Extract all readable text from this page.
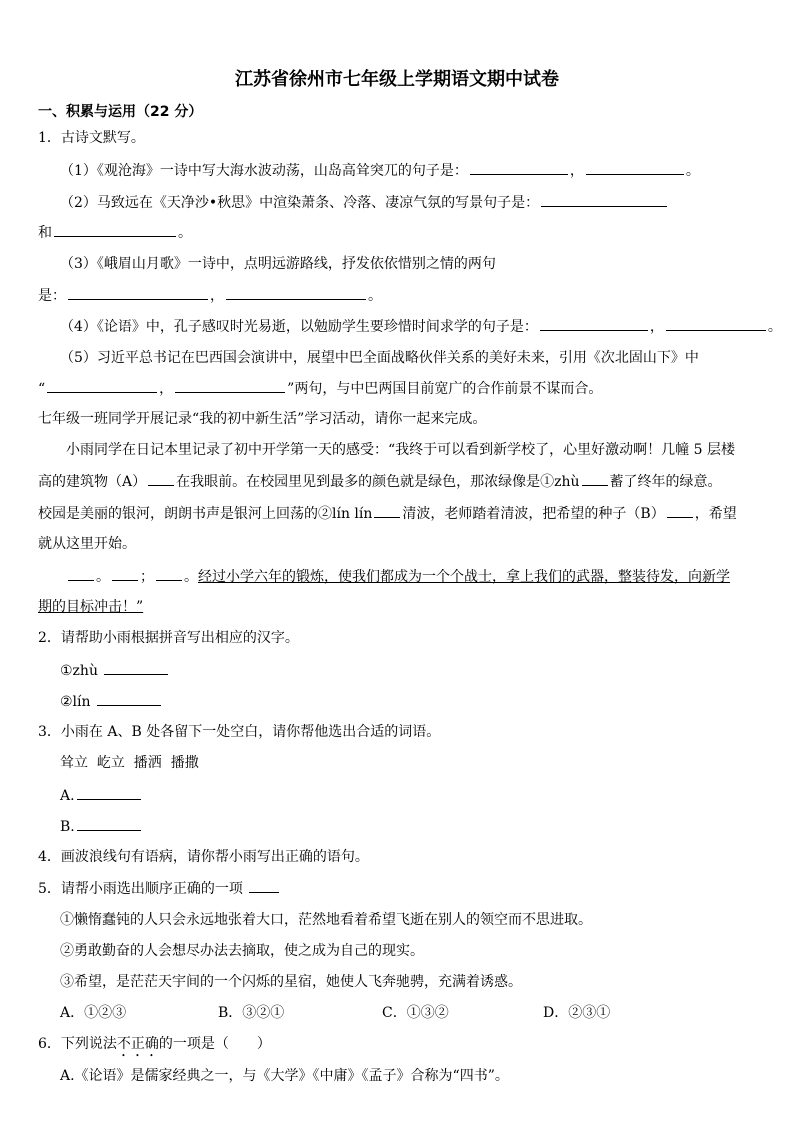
江苏省徐州市七年级上学期语文期中试卷
一、积累与运用（22 分）
1．古诗文默写。
（1）《观沧海》一诗中写大海水波动荡，山岛高耸突兀的句子是：	，	。
（2）马致远在《天净沙•秋思》中渲染萧条、冷落、凄凉气氛的写景句子是：
和	。
（3）《峨眉山月歌》一诗中，点明远游路线，抒发依依惜别之情的两句
是：	，	。
（4）《论语》中，孔子感叹时光易逝，以勉励学生要珍惜时间求学的句子是：	，	。
（5）习近平总书记在巴西国会演讲中，展望中巴全面战略伙伴关系的美好未来，引用《次北固山下》中
“	，	”两句，与中巴两国目前宽广的合作前景不谋而合。
七年级一班同学开展记录“我的初中新生活”学习活动，请你一起来完成。
小雨同学在日记本里记录了初中开学第一天的感受：“我终于可以看到新学校了，心里好激动啊！几幢 5 层楼
高的建筑物（A） 在我眼前。在校园里见到最多的颜色就是绿色，那浓绿像是①zhù 蓄了终年的绿意。
校园是美丽的银河，朗朗书声是银河上回荡的②lín lín 清波，老师踏着清波，把希望的种子（B） ，希望
就从这里开始。
。 ； 。经过小学六年的锻炼，使我们都成为一个个战士，拿上我们的武器，整装待发，向新学
期的目标冲击！”
2．请帮助小雨根据拼音写出相应的汉字。
①zhù
②lín
3．小雨在 A、B 处各留下一处空白，请你帮他选出合适的词语。
耸立  屹立  播洒  播撒
A.
B.
4．画波浪线句有语病，请你帮小雨写出正确的语句。
5．请帮小雨选出顺序正确的一项
①懒惰蠢钝的人只会永远地张着大口，茫然地看着希望飞逝在别人的领空而不思进取。
②勇敢勤奋的人会想尽办法去摘取，使之成为自己的现实。
③希望，是茫茫天宇间的一个闪烁的星宿，她使人飞奔驰骋，充满着诱惑。
A．①②③	B．③②①	C．①③②	D．②③①
6．下列说法不正确的一项是（　　）
A.《论语》是儒家经典之一，与《大学》《中庸》《孟子》合称为“四书”。
